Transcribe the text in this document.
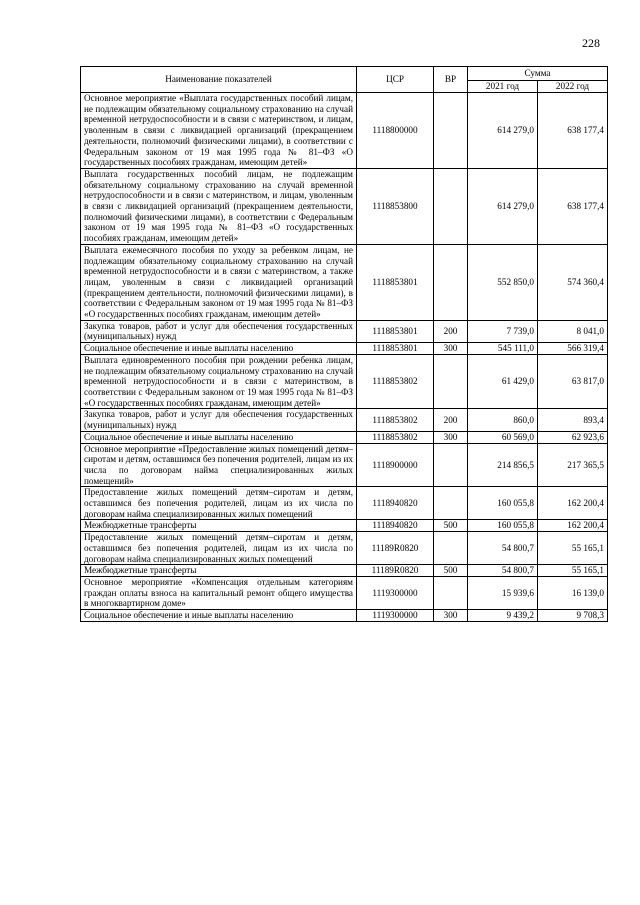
228
Наименование показателей	ЦСР	ВР	Сумма	
			2021 год	2022 год
Основное мероприятие «Выплата государственных пособий лицам, не подлежащим обязательному социальному страхованию на случай временной нетрудоспособности и в связи с материнством, и лицам, уволенным в связи с ликвидацией организаций (прекращением деятельности, полномочий физическими лицами), в соответствии с Федеральным законом от 19 мая 1995 года № 81–ФЗ «О государственных пособиях гражданам, имеющим детей»	1118800000		614 279,0	638 177,4
Выплата государственных пособий лицам, не подлежащим обязательному социальному страхованию на случай временной нетрудоспособности и в связи с материнством, и лицам, уволенным в связи с ликвидацией организаций (прекращением деятельности, полномочий физическими лицами), в соответствии с Федеральным законом от 19 мая 1995 года № 81–ФЗ «О государственных пособиях гражданам, имеющим детей»	1118853800		614 279,0	638 177,4
Выплата ежемесячного пособия по уходу за ребенком лицам, не подлежащим обязательному социальному страхованию на случай временной нетрудоспособности и в связи с материнством, а также лицам, уволенным в связи с ликвидацией организаций (прекращением деятельности, полномочий физическими лицами), в соответствии с Федеральным законом от 19 мая 1995 года № 81–ФЗ «О государственных пособиях гражданам, имеющим детей»	1118853801		552 850,0	574 360,4
Закупка товаров, работ и услуг для обеспечения государственных (муниципальных) нужд	1118853801	200	7 739,0	8 041,0
Социальное обеспечение и иные выплаты населению	1118853801	300	545 111,0	566 319,4
Выплата единовременного пособия при рождении ребенка лицам, не подлежащим обязательному социальному страхованию на случай временной нетрудоспособности и в связи с материнством, в соответствии с Федеральным законом от 19 мая 1995 года № 81–ФЗ «О государственных пособиях гражданам, имеющим детей»	1118853802		61 429,0	63 817,0
Закупка товаров, работ и услуг для обеспечения государственных (муниципальных) нужд	1118853802	200	860,0	893,4
Социальное обеспечение и иные выплаты населению	1118853802	300	60 569,0	62 923,6
Основное мероприятие «Предоставление жилых помещений детям–сиротам и детям, оставшимся без попечения родителей, лицам из их числа по договорам найма специализированных жилых помещений»	1118900000		214 856,5	217 365,5
Предоставление жилых помещений детям–сиротам и детям, оставшимся без попечения родителей, лицам из их числа по договорам найма специализированных жилых помещений	1118940820		160 055,8	162 200,4
Межбюджетные трансферты	1118940820	500	160 055,8	162 200,4
Предоставление жилых помещений детям–сиротам и детям, оставшимся без попечения родителей, лицам из их числа по договорам найма специализированных жилых помещений	11189R0820		54 800,7	55 165,1
Межбюджетные трансферты	11189R0820	500	54 800,7	55 165,1
Основное мероприятие «Компенсация отдельным категориям граждан оплаты взноса на капитальный ремонт общего имущества в многоквартирном доме»	1119300000		15 939,6	16 139,0
Социальное обеспечение и иные выплаты населению	1119300000	300	9 439,2	9 708,3
